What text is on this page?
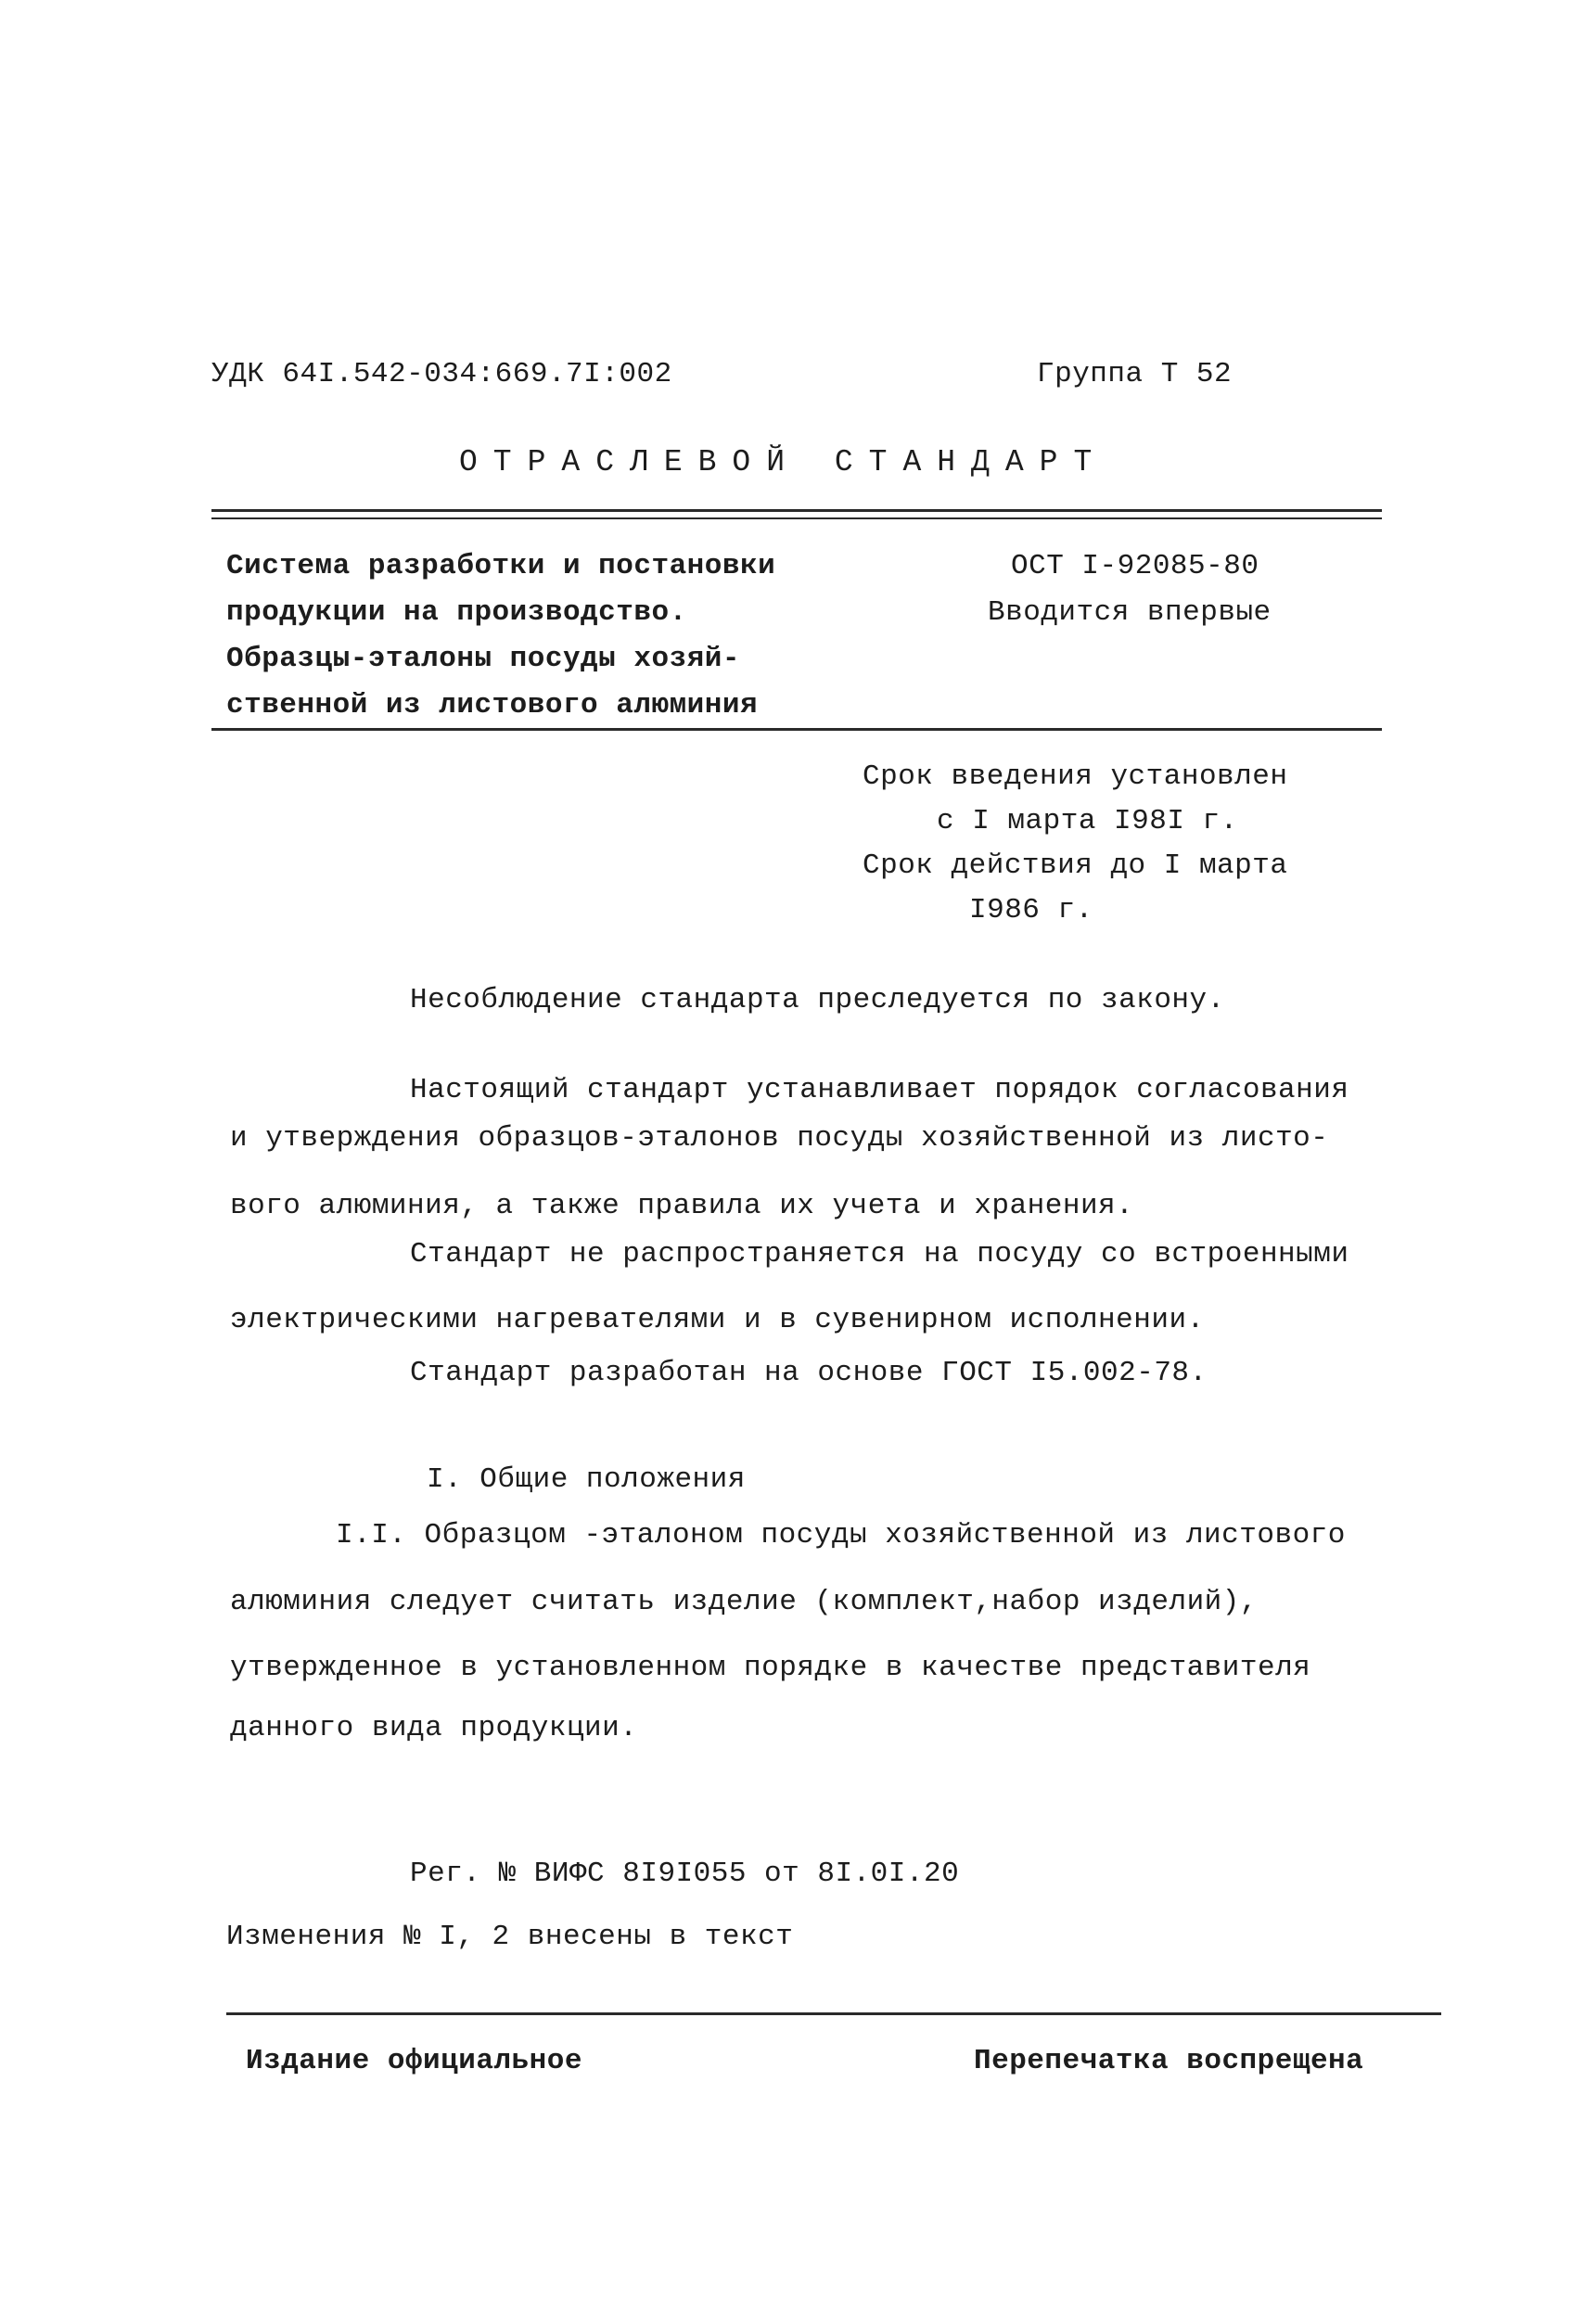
УДК 64I.542-034:669.7I:002	Группа Т 52
ОТРАСЛЕВОЙ СТАНДАРТ
Система разработки и постановки
продукции на производство.
Образцы-эталоны посуды хозяй-
ственной из листового алюминия
ОСТ I-92085-80
Вводится впервые
Срок введения установлен
с I марта I98I г.
Срок действия до I марта
I986 г.
Несоблюдение стандарта преследуется по закону.
Настоящий стандарт устанавливает порядок согласования
и утверждения образцов-эталонов посуды хозяйственной из листо-
вого алюминия, а также правила их учета и хранения.
Стандарт не распространяется на посуду со встроенными
электрическими нагревателями и в сувенирном исполнении.
Стандарт разработан на основе ГОСТ I5.002-78.
I. Общие положения
I.I. Образцом -эталоном посуды хозяйственной из листового
алюминия следует считать изделие (комплект,набор изделий),
утвержденное в установленном порядке в качестве представителя
данного вида продукции.
Рег. № ВИФС 8I9I055 от 8I.0I.20
Изменения № I, 2 внесены в текст
Издание официальное	Перепечатка воспрещена
